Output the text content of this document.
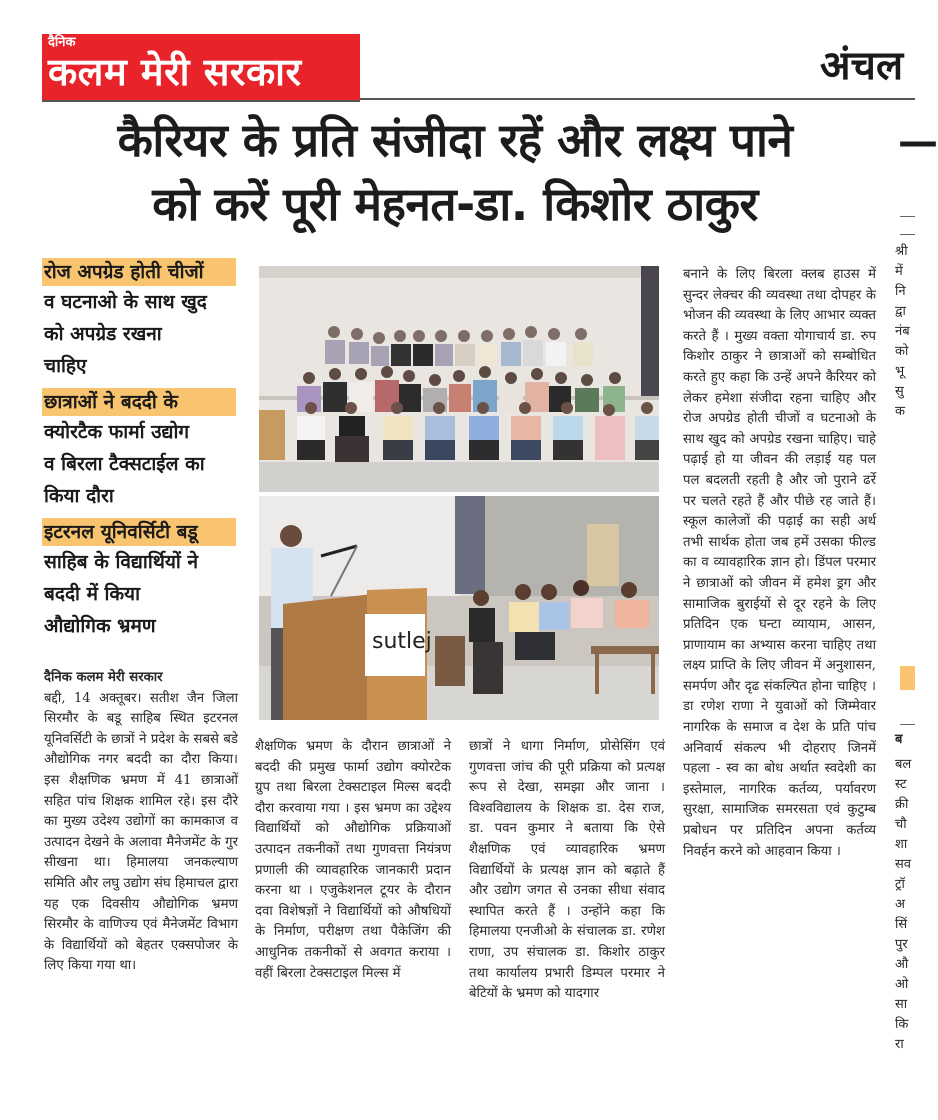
दैनिक
कलम मेरी सरकार	अंचल
कैरियर के प्रति संजीदा रहें और लक्ष्य पाने
को करें पूरी मेहनत-डा. किशोर ठाकुर
रोज अपग्रेड होती चीजों
व घटनाओ के साथ खुद
को अपग्रेड रखना
चाहिए
छात्राओं ने बददी के
क्योरटैक फार्मा उद्योग
व बिरला टैक्सटाईल का
किया दौरा
इटरनल यूनिवर्सिटी बडू
साहिब के विद्यार्थियों ने
बददी में किया
औद्योगिक भ्रमण
sutlej
दैनिक कलम मेरी सरकार
बद्दी, 14 अक्तूबर। सतीश जैन जिला सिरमौर के बडू साहिब स्थित इटरनल यूनिवर्सिटी के छात्रों ने प्रदेश के सबसे बडे औद्योगिक नगर बददी का दौरा किया। इस शैक्षणिक भ्रमण में 41 छात्राओं सहित पांच शिक्षक शामिल रहे। इस दौरे का मुख्य उदेश्य उद्योगों का कामकाज व उत्पादन देखने के अलावा मैनेजमेंट के गुर सीखना था। हिमालया जनकल्याण समिति और लघु उद्योग संघ हिमाचल द्वारा यह एक दिवसीय औद्योगिक भ्रमण सिरमौर के वाणिज्य एवं मैनेजमेंट विभाग के विद्यार्थियों को बेहतर एक्सपोजर के लिए किया गया था।
शैक्षणिक भ्रमण के दौरान छात्राओं ने बददी की प्रमुख फार्मा उद्योग क्योरटेक ग्रुप तथा बिरला टेक्सटाइल मिल्स बददी दौरा करवाया गया । इस भ्रमण का उद्देश्य विद्यार्थियों को औद्योगिक प्रक्रियाओं उत्पादन तकनीकों तथा गुणवत्ता नियंत्रण प्रणाली की व्यावहारिक जानकारी प्रदान करना था । एजुकेशनल टूयर के दौरान दवा विशेषज्ञों ने विद्यार्थियों को औषधियों के निर्माण, परीक्षण तथा पैकेजिंग की आधुनिक तकनीकों से अवगत कराया । वहीं बिरला टेक्सटाइल मिल्स में
छात्रों ने धागा निर्माण, प्रोसेसिंग एवं गुणवत्ता जांच की पूरी प्रक्रिया को प्रत्यक्ष रूप से देखा, समझा और जाना । विश्वविद्यालय के शिक्षक डा. देस राज, डा. पवन कुमार ने बताया कि ऐसे शैक्षणिक एवं व्यावहारिक भ्रमण विद्यार्थियों के प्रत्यक्ष ज्ञान को बढ़ाते हैं और उद्योग जगत से उनका सीधा संवाद स्थापित करते हैं । उन्होंने कहा कि हिमालया एनजीओ के संचालक डा. रणेश राणा, उप संचालक डा. किशोर ठाकुर तथा कार्यालय प्रभारी डिम्पल परमार ने बेटियों के भ्रमण को यादगार
बनाने के लिए बिरला क्लब हाउस में सुन्दर लेक्चर की व्यवस्था तथा दोपहर के भोजन की व्यवस्था के लिए आभार व्यक्त करते हैं । मुख्य वक्ता योगाचार्य डा. रुप किशोर ठाकुर ने छात्राओं को सम्बोधित करते हुए कहा कि उन्हें अपने कैरियर को लेकर हमेशा संजीदा रहना चाहिए और रोज अपग्रेड होती चीजों व घटनाओ के साथ खुद को अपग्रेड रखना चाहिए। चाहे पढ़ाई हो या जीवन की लड़ाई यह पल पल बदलती रहती है और जो पुराने ढर्रे पर चलते रहते हैं और पीछे रह जाते हैं। स्कूल कालेजों की पढ़ाई का सही अर्थ तभी सार्थक होता जब हमें उसका फील्ड का व व्यावहारिक ज्ञान हो। डिंपल परमार ने छात्राओं को जीवन में हमेश ड्रग और सामाजिक बुराईयों से दूर रहने के लिए प्रतिदिन एक घन्टा व्यायाम, आसन, प्राणायाम का अभ्यास करना चाहिए तथा लक्ष्य प्राप्ति के लिए जीवन में अनुशासन, समर्पण और दृढ संकल्पित होना चाहिए । डा रणेश राणा ने युवाओं को जिम्मेवार नागरिक के समाज व देश के प्रति पांच अनिवार्य संकल्प भी दोहराए जिनमें पहला - स्व का बोध अर्थात स्वदेशी का इस्तेमाल, नागरिक कर्तव्य, पर्यावरण सुरक्षा, सामाजिक समरसता एवं कुटुम्ब प्रबोधन पर प्रतिदिन अपना कर्तव्य निवर्हन करने को आहवान किया ।
—
श्री
में
नि
द्वा
नंब
को
भू
सु
क
ब
बल
स्ट
क्री
चौ
शा
सव
ट्रॉ
अ
सिं
पुर
औ
ओ
सा
कि
रा
